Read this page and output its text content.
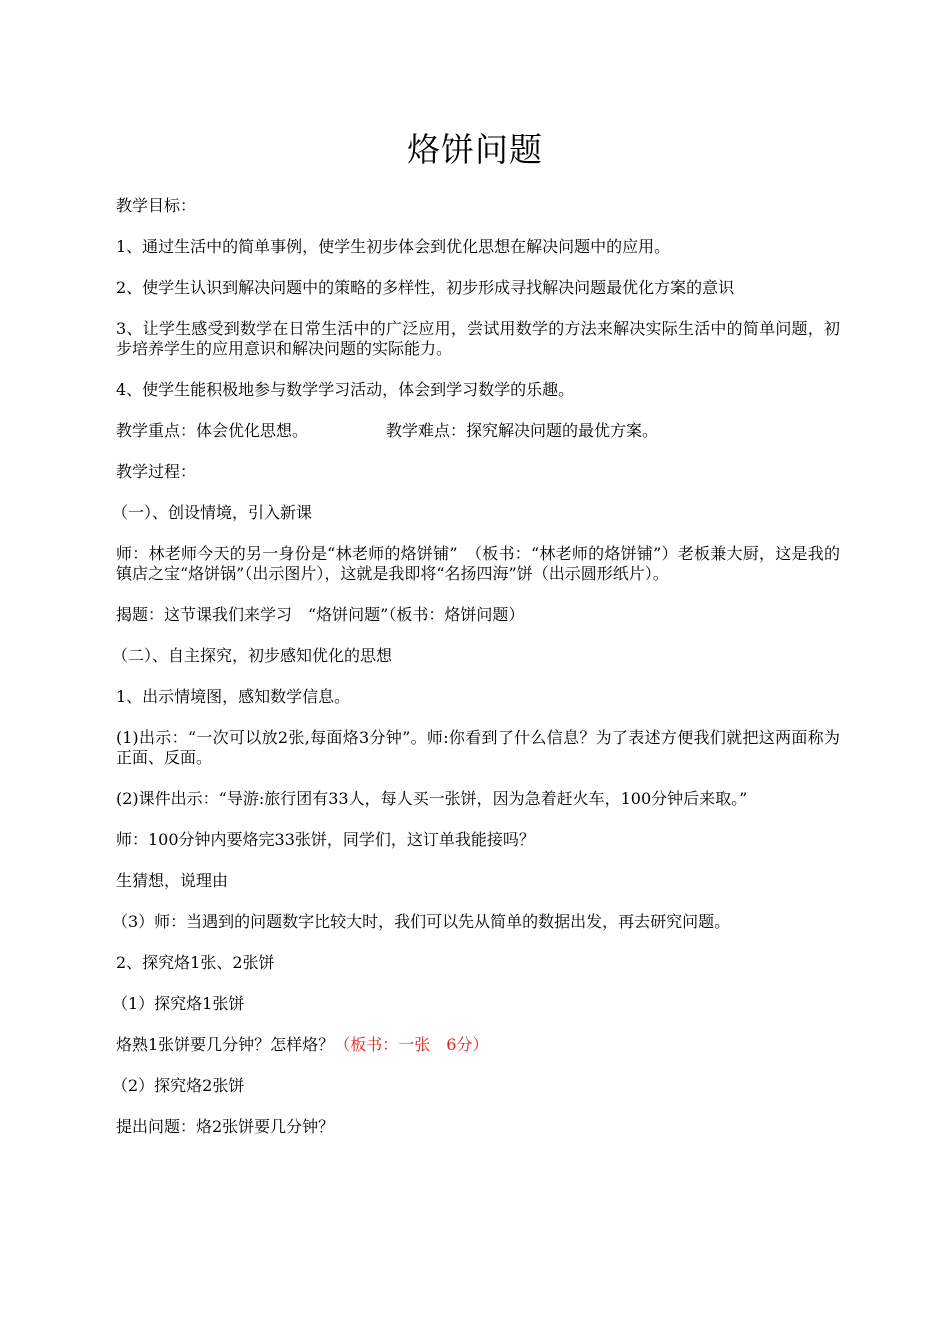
烙饼问题

教学目标：

1、通过生活中的简单事例，使学生初步体会到优化思想在解决问题中的应用。

2、使学生认识到解决问题中的策略的多样性，初步形成寻找解决问题最优化方案的意识

3、让学生感受到数学在日常生活中的广泛应用，尝试用数学的方法来解决实际生活中的简单问题，初步培养学生的应用意识和解决问题的实际能力。

4、使学生能积极地参与数学学习活动，体会到学习数学的乐趣。

教学重点：体会优化思想。	教学难点：探究解决问题的最优方案。

教学过程：

（一）、创设情境，引入新课

师：林老师今天的另一身份是“林老师的烙饼铺”　（板书：“林老师的烙饼铺”）老板兼大厨，这是我的镇店之宝“烙饼锅”（出示图片），这就是我即将“名扬四海”饼（出示圆形纸片）。

揭题：这节课我们来学习　“烙饼问题”（板书：烙饼问题）

（二）、自主探究，初步感知优化的思想

1、出示情境图，感知数学信息。

(1)出示：“一次可以放2张,每面烙3分钟”。师:你看到了什么信息？为了表述方便我们就把这两面称为正面、反面。

(2)课件出示：“导游:旅行团有33人，每人买一张饼，因为急着赶火车，100分钟后来取。”

师：100分钟内要烙完33张饼，同学们，这订单我能接吗？

生猜想，说理由

（3）师：当遇到的问题数字比较大时，我们可以先从简单的数据出发，再去研究问题。

2、探究烙1张、2张饼

（1）探究烙1张饼

烙熟1张饼要几分钟？怎样烙？（板书：一张　6分）

（2）探究烙2张饼

提出问题：烙2张饼要几分钟？
